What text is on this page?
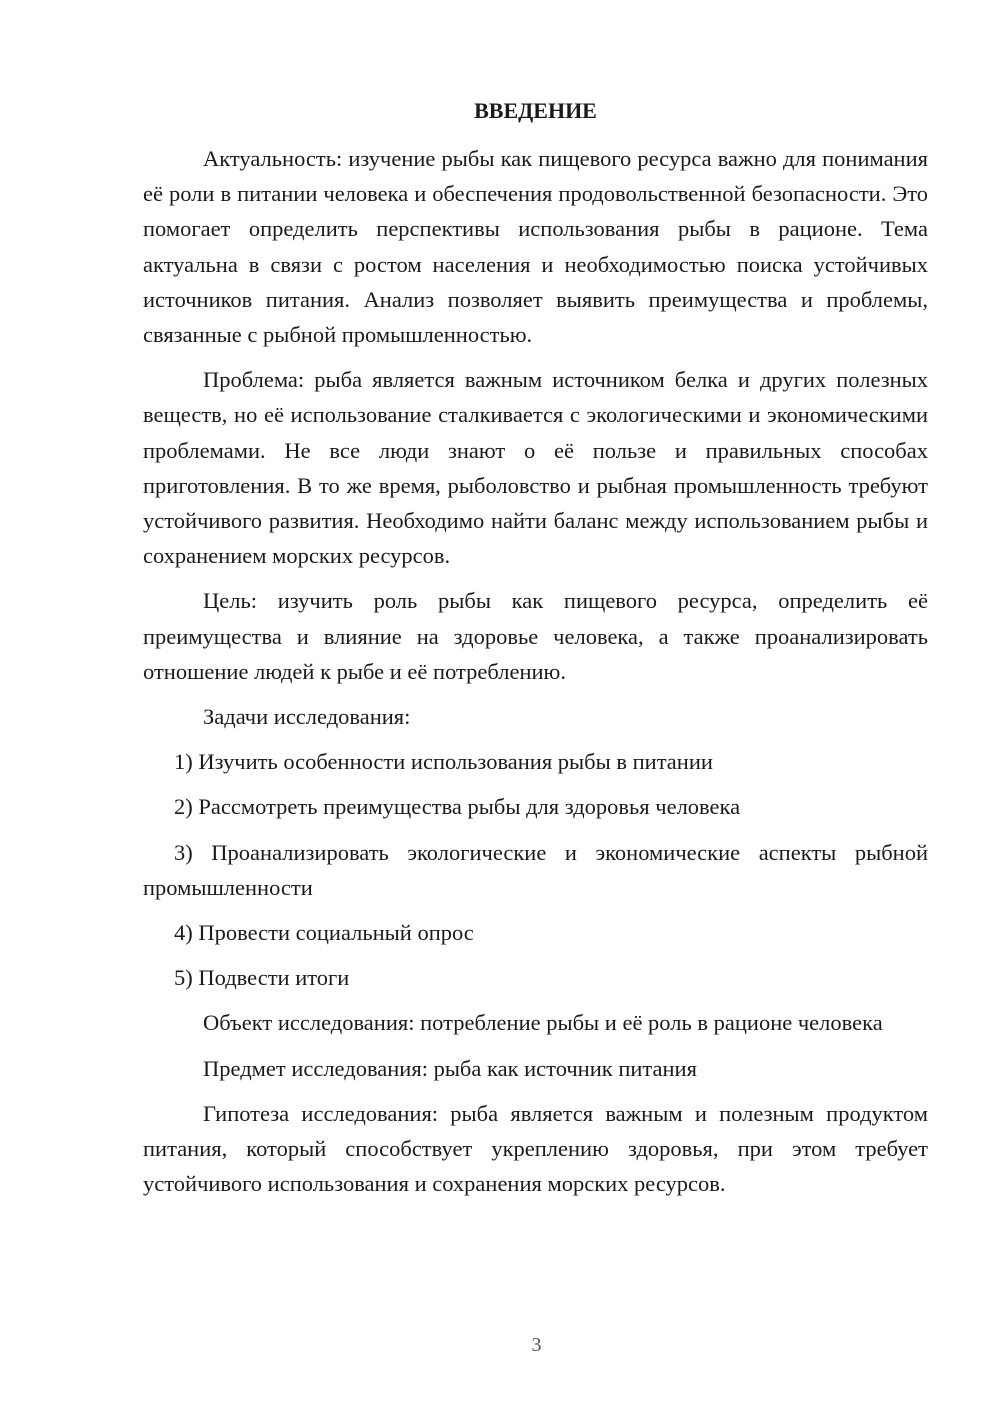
ВВЕДЕНИЕ

Актуальность: изучение рыбы как пищевого ресурса важно для понимания её роли в питании человека и обеспечения продовольственной безопасности. Это помогает определить перспективы использования рыбы в рационе. Тема актуальна в связи с ростом населения и необходимостью поиска устойчивых источников питания. Анализ позволяет выявить преимущества и проблемы, связанные с рыбной промышленностью.

Проблема: рыба является важным источником белка и других полезных веществ, но её использование сталкивается с экологическими и экономическими проблемами. Не все люди знают о её пользе и правильных способах приготовления. В то же время, рыболовство и рыбная промышленность требуют устойчивого развития. Необходимо найти баланс между использованием рыбы и сохранением морских ресурсов.

Цель: изучить роль рыбы как пищевого ресурса, определить её преимущества и влияние на здоровье человека, а также проанализировать отношение людей к рыбе и её потреблению.

Задачи исследования:

1) Изучить особенности использования рыбы в питании

2) Рассмотреть преимущества рыбы для здоровья человека

3) Проанализировать экологические и экономические аспекты рыбной промышленности

4) Провести социальный опрос

5) Подвести итоги

Объект исследования: потребление рыбы и её роль в рационе человека

Предмет исследования: рыба как источник питания

Гипотеза исследования: рыба является важным и полезным продуктом питания, который способствует укреплению здоровья, при этом требует устойчивого использования и сохранения морских ресурсов.

3
